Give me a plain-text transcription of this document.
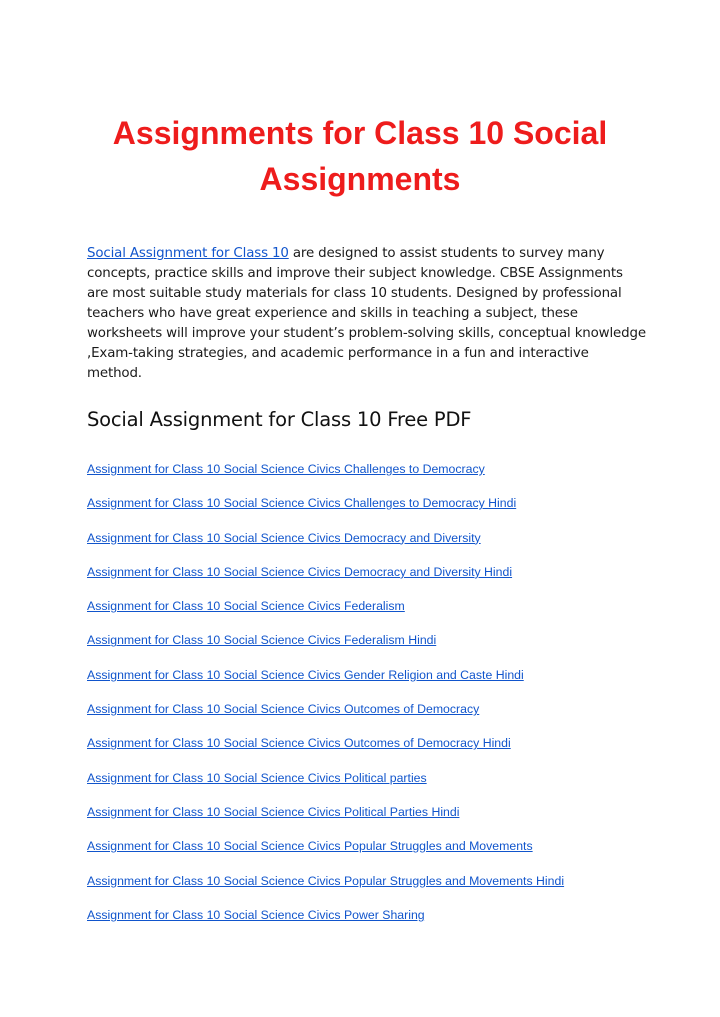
Assignments for Class 10 Social Assignments

Social Assignment for Class 10 are designed to assist students to survey many concepts, practice skills and improve their subject knowledge. CBSE Assignments are most suitable study materials for class 10 students. Designed by professional teachers who have great experience and skills in teaching a subject, these worksheets will improve your student’s problem-solving skills, conceptual knowledge ,Exam-taking strategies, and academic performance in a fun and interactive method.

Social Assignment for Class 10 Free PDF
Assignment for Class 10 Social Science Civics Challenges to Democracy
Assignment for Class 10 Social Science Civics Challenges to Democracy Hindi
Assignment for Class 10 Social Science Civics Democracy and Diversity
Assignment for Class 10 Social Science Civics Democracy and Diversity Hindi
Assignment for Class 10 Social Science Civics Federalism
Assignment for Class 10 Social Science Civics Federalism Hindi
Assignment for Class 10 Social Science Civics Gender Religion and Caste Hindi
Assignment for Class 10 Social Science Civics Outcomes of Democracy
Assignment for Class 10 Social Science Civics Outcomes of Democracy Hindi
Assignment for Class 10 Social Science Civics Political parties
Assignment for Class 10 Social Science Civics Political Parties Hindi
Assignment for Class 10 Social Science Civics Popular Struggles and Movements
Assignment for Class 10 Social Science Civics Popular Struggles and Movements Hindi
Assignment for Class 10 Social Science Civics Power Sharing
